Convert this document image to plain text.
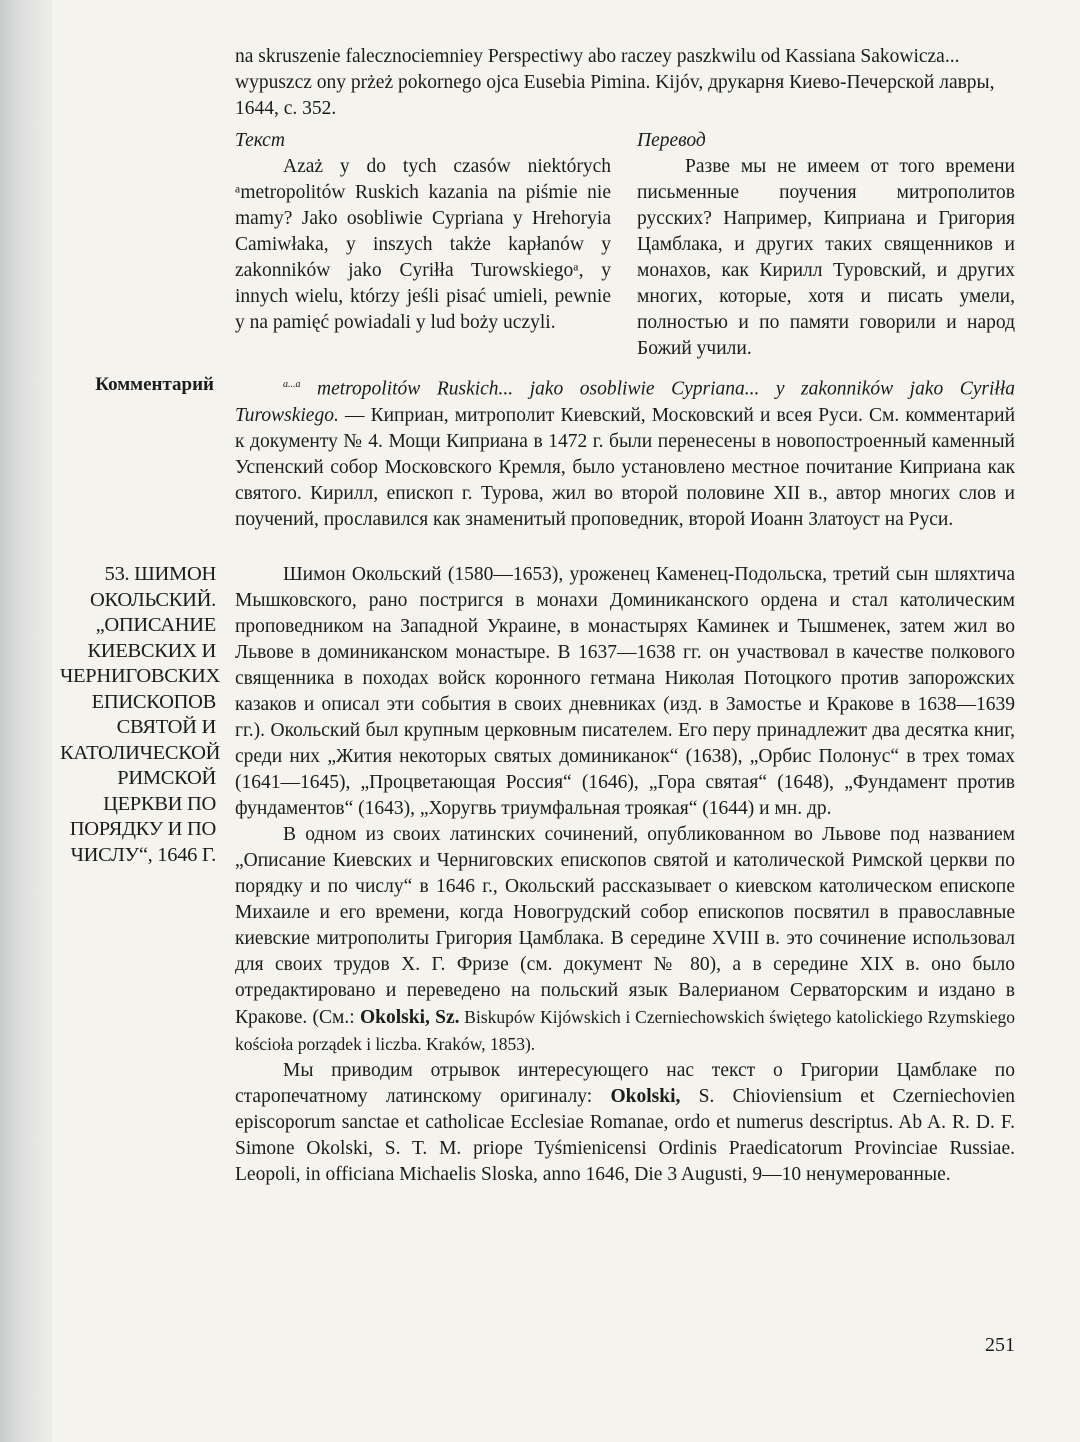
na skruszenie falecznociemniey Perspectiwy abo raczey paszkwilu od Kassiana Sakowicza... wypuszcz ony prżeż pokornego ojca Eusebia Pimina. Kijóv, друкарня Киево-Печерской лавры, 1644, с. 352.

Текст

Azaż y do tych czasów niektórych ᵃmetropolitów Ruskich kazania na piśmie nie mamy? Jako osobliwie Cypriana y Hrehoryia Camiwłaka, y inszych także kapłanów y zakonników jako Cyriłła Turowskiegoᵃ, y innych wielu, którzy jeśli pisać umieli, pewnie y na pamięć powiadali y lud boży uczyli.

Перевод

Разве мы не имеем от того времени письменные поучения митрополитов русских? Например, Киприана и Григория Цамблака, и других таких священников и монахов, как Кирилл Туровский, и других многих, которые, хотя и писать умели, полностью и по памяти говорили и народ Божий учили.

Комментарий	$^{a...a}$ metropolitów Ruskich... jako osobliwie Cypriana... y zakonników jako Cyriłła Turowskiego. — Киприан, митрополит Киевский, Московский и всея Руси. См. комментарий к документу № 4. Мощи Киприана в 1472 г. были перенесены в новопостроенный каменный Успенский собор Московского Кремля, было установлено местное почитание Киприана как святого. Кирилл, епископ г. Турова, жил во второй половине XII в., автор многих слов и поучений, прославился как знаменитый проповедник, второй Иоанн Златоуст на Руси.

53. ШИМОН ОКОЛЬСКИЙ. „ОПИСАНИЕ КИЕВСКИХ И ЧЕРНИГОВСКИХ ЕПИСКОПОВ СВЯТОЙ И КАТОЛИЧЕСКОЙ РИМСКОЙ ЦЕРКВИ ПО ПОРЯДКУ И ПО ЧИСЛУ“, 1646 Г.

Шимон Окольский (1580—1653), уроженец Каменец-Подольска, третий сын шляхтича Мышковского, рано постригся в монахи Доминиканского ордена и стал католическим проповедником на Западной Украине, в монастырях Каминек и Тышменек, затем жил во Львове в доминиканском монастыре. В 1637—1638 гг. он участвовал в качестве полкового священника в походах войск коронного гетмана Николая Потоцкого против запорожских казаков и описал эти события в своих дневниках (изд. в Замостье и Кракове в 1638—1639 гг.). Окольский был крупным церковным писателем. Его перу принадлежит два десятка книг, среди них „Жития некоторых святых доминиканок“ (1638), „Орбис Полонус“ в трех томах (1641—1645), „Процветающая Россия“ (1646), „Гора святая“ (1648), „Фундамент против фундаментов“ (1643), „Хоругвь триумфальная троякая“ (1644) и мн. др.

В одном из своих латинских сочинений, опубликованном во Львове под названием „Описание Киевских и Черниговских епископов святой и католической Римской церкви по порядку и по числу“ в 1646 г., Окольский рассказывает о киевском католическом епископе Михаиле и его времени, когда Новогрудский собор епископов посвятил в православные киевские митрополиты Григория Цамблака. В середине XVIII в. это сочинение использовал для своих трудов Х. Г. Фризе (см. документ № 80), а в середине XIX в. оно было отредактировано и переведено на польский язык Валерианом Серваторским и издано в Кракове. (См.: Okolski, Sz. Biskupów Kijówskich i Czerniechowskich świętego katolickiego Rzymskiego kościoła porządek i liczba. Kraków, 1853).

Мы приводим отрывок интересующего нас текст о Григории Цамблаке по старопечатному латинскому оригиналу: Okolski, S. Chioviensium et Czerniechovien episcoporum sanctae et catholicae Ecclesiae Romanae, ordo et numerus descriptus. Ab A. R. D. F. Simone Okolski, S. T. M. priope Tyśmienicensi Ordinis Praedicatorum Provinciae Russiae. Leopoli, in officiana Michaelis Sloska, anno 1646, Die 3 Augusti, 9—10 ненумерованные.

251
